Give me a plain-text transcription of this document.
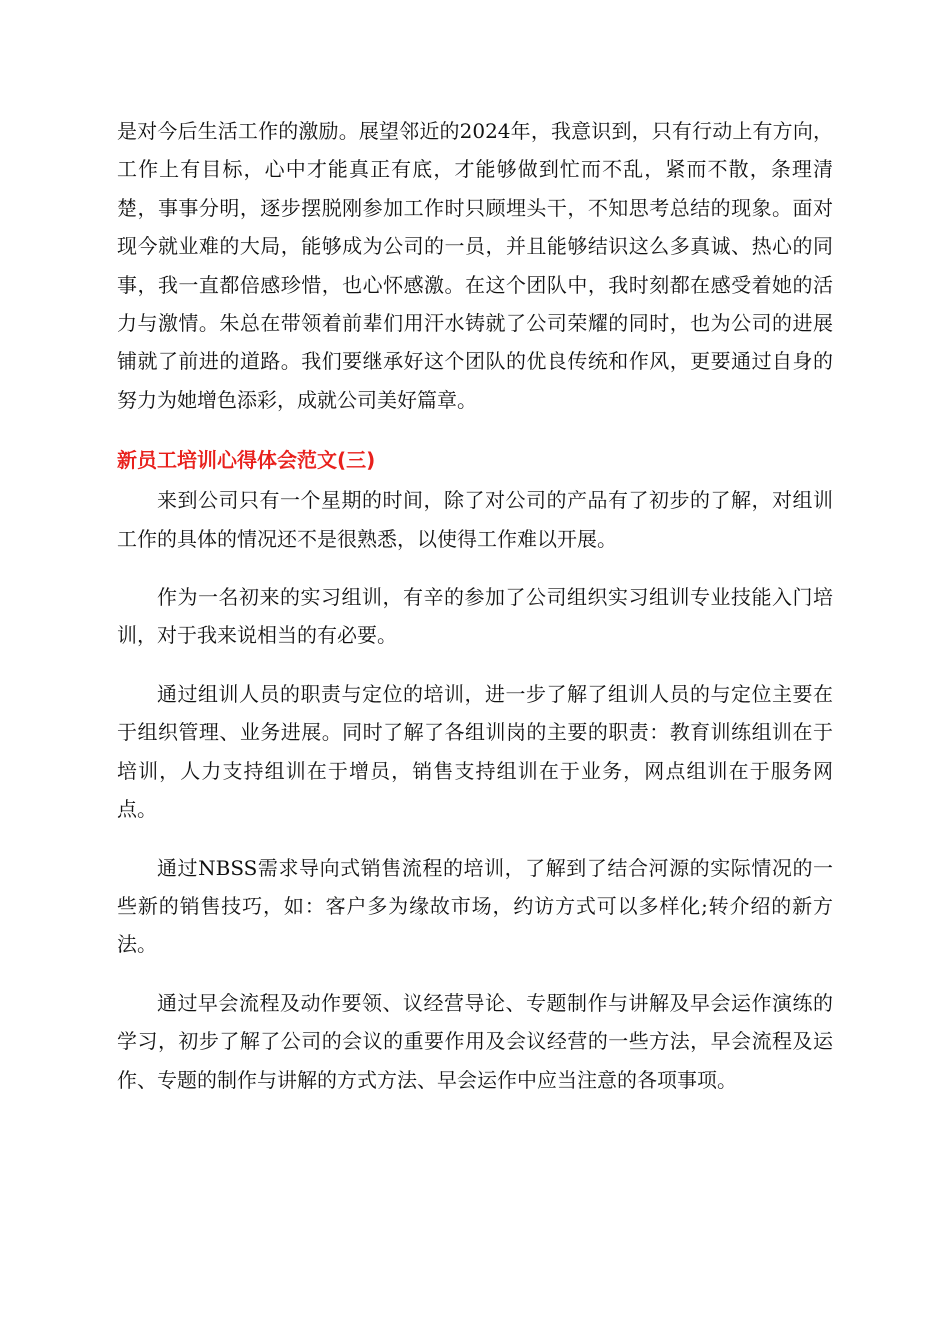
是对今后生活工作的激励。展望邻近的2024年，我意识到，只有行动上有方向，工作上有目标，心中才能真正有底，才能够做到忙而不乱，紧而不散，条理清楚，事事分明，逐步摆脱刚参加工作时只顾埋头干，不知思考总结的现象。面对现今就业难的大局，能够成为公司的一员，并且能够结识这么多真诚、热心的同事，我一直都倍感珍惜，也心怀感激。在这个团队中，我时刻都在感受着她的活力与激情。朱总在带领着前辈们用汗水铸就了公司荣耀的同时，也为公司的进展铺就了前进的道路。我们要继承好这个团队的优良传统和作风，更要通过自身的努力为她增色添彩，成就公司美好篇章。

新员工培训心得体会范文(三)

来到公司只有一个星期的时间，除了对公司的产品有了初步的了解，对组训工作的具体的情况还不是很熟悉，以使得工作难以开展。

作为一名初来的实习组训，有辛的参加了公司组织实习组训专业技能入门培训，对于我来说相当的有必要。

通过组训人员的职责与定位的培训，进一步了解了组训人员的与定位主要在于组织管理、业务进展。同时了解了各组训岗的主要的职责：教育训练组训在于培训，人力支持组训在于增员，销售支持组训在于业务，网点组训在于服务网点。

通过NBSS需求导向式销售流程的培训，了解到了结合河源的实际情况的一些新的销售技巧，如：客户多为缘故市场，约访方式可以多样化;转介绍的新方法。

通过早会流程及动作要领、议经营导论、专题制作与讲解及早会运作演练的学习，初步了解了公司的会议的重要作用及会议经营的一些方法，早会流程及运作、专题的制作与讲解的方式方法、早会运作中应当注意的各项事项。
